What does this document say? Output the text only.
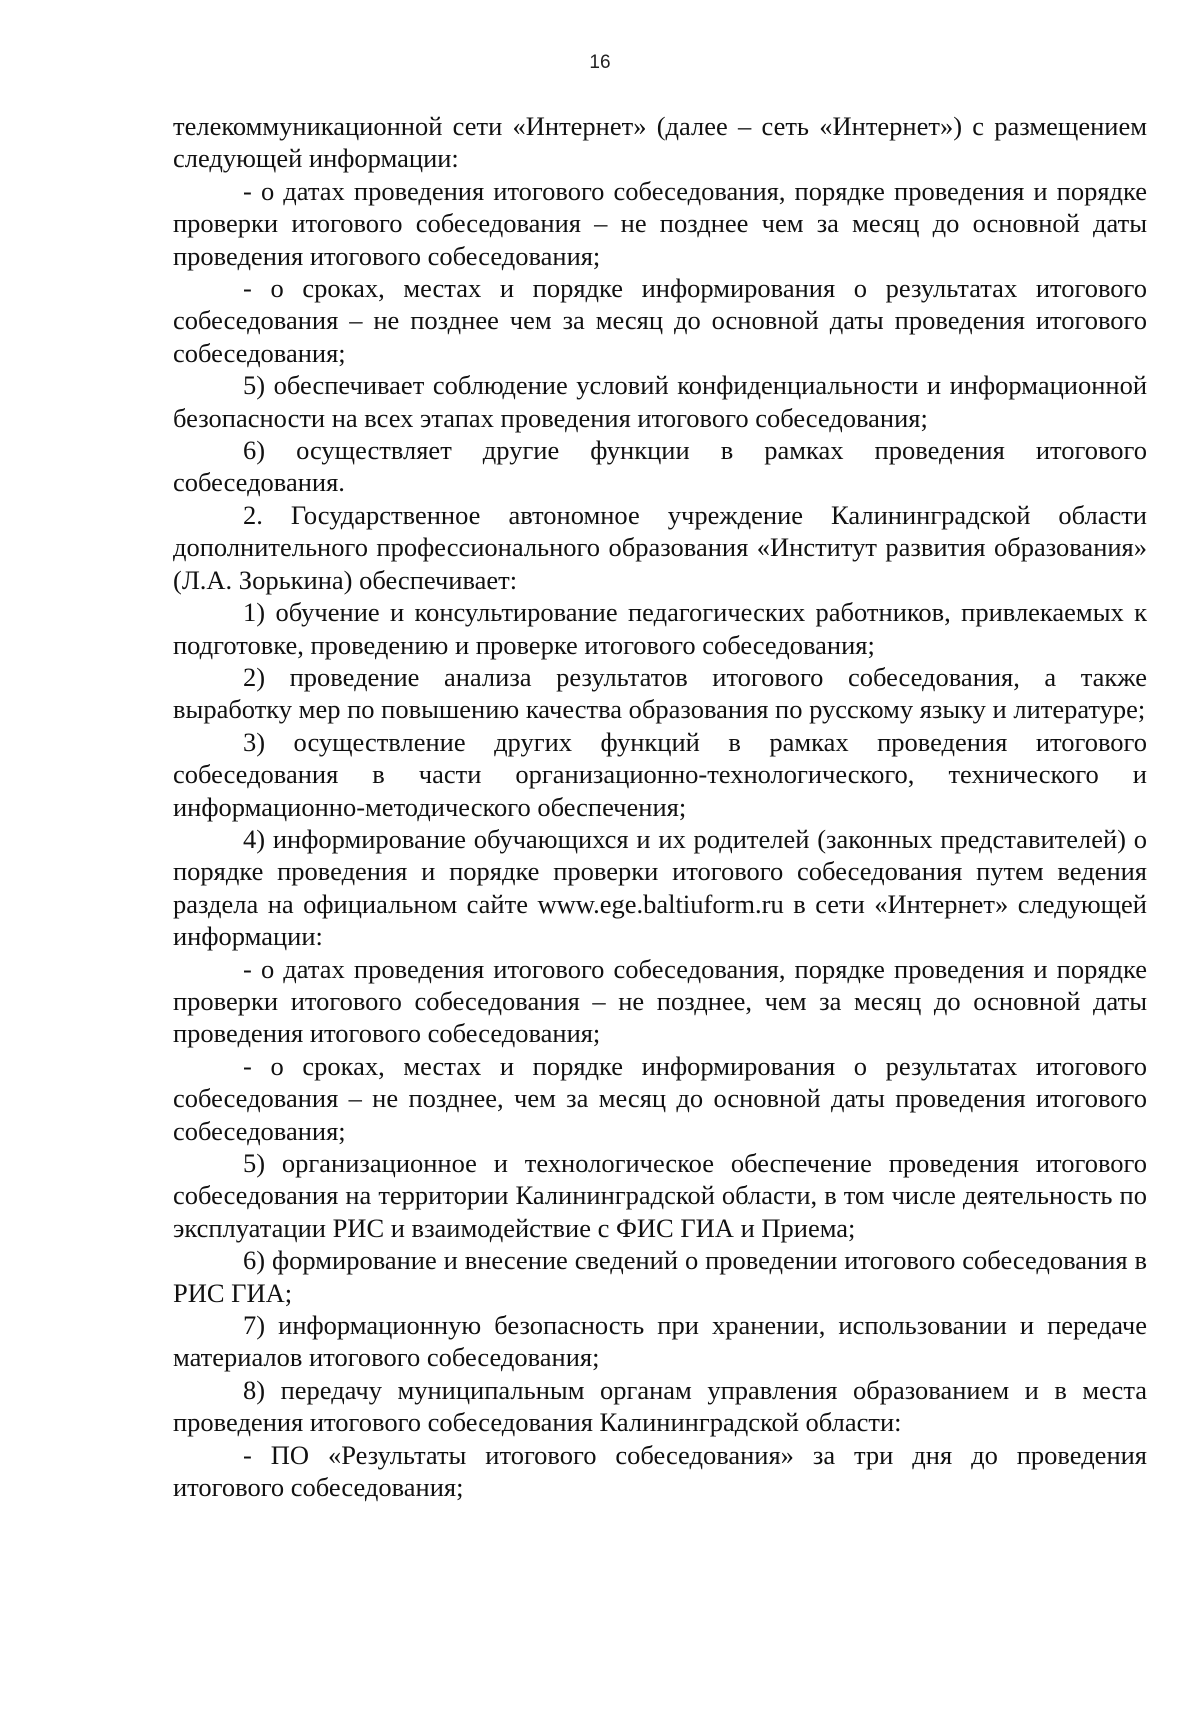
16

телекоммуникационной сети «Интернет» (далее – сеть «Интернет») с размещением следующей информации:

- о датах проведения итогового собеседования, порядке проведения и порядке проверки итогового собеседования – не позднее чем за месяц до основной даты проведения итогового собеседования;

- о сроках, местах и порядке информирования о результатах итогового собеседования – не позднее чем за месяц до основной даты проведения итогового собеседования;

5) обеспечивает соблюдение условий конфиденциальности и информационной безопасности на всех этапах проведения итогового собеседования;

6) осуществляет другие функции в рамках проведения итогового собеседования.

2. Государственное автономное учреждение Калининградской области дополнительного профессионального образования «Институт развития образования» (Л.А. Зорькина) обеспечивает:

1) обучение и консультирование педагогических работников, привлекаемых к подготовке, проведению и проверке итогового собеседования;

2) проведение анализа результатов итогового собеседования, а также выработку мер по повышению качества образования по русскому языку и литературе;

3) осуществление других функций в рамках проведения итогового собеседования в части организационно-технологического, технического и информационно-методического обеспечения;

4) информирование обучающихся и их родителей (законных представителей) о порядке проведения и порядке проверки итогового собеседования путем ведения раздела на официальном сайте www.ege.baltiuform.ru в сети «Интернет» следующей информации:

- о датах проведения итогового собеседования, порядке проведения и порядке проверки итогового собеседования – не позднее, чем за месяц до основной даты проведения итогового собеседования;

- о сроках, местах и порядке информирования о результатах итогового собеседования – не позднее, чем за месяц до основной даты проведения итогового собеседования;

5) организационное и технологическое обеспечение проведения итогового собеседования на территории Калининградской области, в том числе деятельность по эксплуатации РИС и взаимодействие с ФИС ГИА и Приема;

6) формирование и внесение сведений о проведении итогового собеседования в РИС ГИА;

7) информационную безопасность при хранении, использовании и передаче материалов итогового собеседования;

8) передачу муниципальным органам управления образованием и в места проведения итогового собеседования Калининградской области:

- ПО «Результаты итогового собеседования» за три дня до проведения итогового собеседования;
